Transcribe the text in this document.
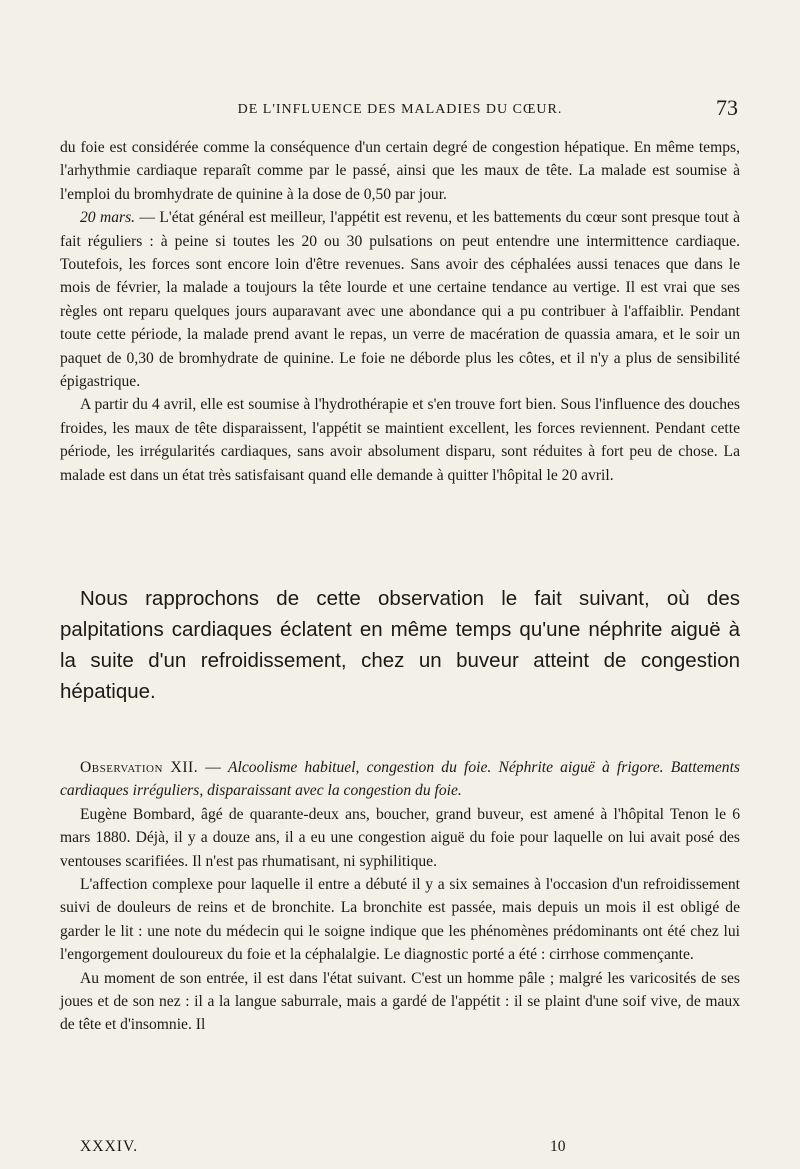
DE L'INFLUENCE DES MALADIES DU CŒUR.	73

du foie est considérée comme la conséquence d'un certain degré de congestion hépatique. En même temps, l'arhythmie cardiaque reparaît comme par le passé, ainsi que les maux de tête. La malade est soumise à l'emploi du bromhydrate de quinine à la dose de 0,50 par jour.

20 mars. — L'état général est meilleur, l'appétit est revenu, et les battements du cœur sont presque tout à fait réguliers : à peine si toutes les 20 ou 30 pulsations on peut entendre une intermittence cardiaque. Toutefois, les forces sont encore loin d'être revenues. Sans avoir des céphalées aussi tenaces que dans le mois de février, la malade a toujours la tête lourde et une certaine tendance au vertige. Il est vrai que ses règles ont reparu quelques jours auparavant avec une abondance qui a pu contribuer à l'affaiblir. Pendant toute cette période, la malade prend avant le repas, un verre de macération de quassia amara, et le soir un paquet de 0,30 de bromhydrate de quinine. Le foie ne déborde plus les côtes, et il n'y a plus de sensibilité épigastrique.

A partir du 4 avril, elle est soumise à l'hydrothérapie et s'en trouve fort bien. Sous l'influence des douches froides, les maux de tête disparaissent, l'appétit se maintient excellent, les forces reviennent. Pendant cette période, les irrégularités cardiaques, sans avoir absolument disparu, sont réduites à fort peu de chose. La malade est dans un état très satisfaisant quand elle demande à quitter l'hôpital le 20 avril.

Nous rapprochons de cette observation le fait suivant, où des palpitations cardiaques éclatent en même temps qu'une néphrite aiguë à la suite d'un refroidissement, chez un buveur atteint de congestion hépatique.

Observation XII. — Alcoolisme habituel, congestion du foie. Néphrite aiguë à frigore. Battements cardiaques irréguliers, disparaissant avec la congestion du foie.

Eugène Bombard, âgé de quarante-deux ans, boucher, grand buveur, est amené à l'hôpital Tenon le 6 mars 1880. Déjà, il y a douze ans, il a eu une congestion aiguë du foie pour laquelle on lui avait posé des ventouses scarifiées. Il n'est pas rhumatisant, ni syphilitique.

L'affection complexe pour laquelle il entre a débuté il y a six semaines à l'occasion d'un refroidissement suivi de douleurs de reins et de bronchite. La bronchite est passée, mais depuis un mois il est obligé de garder le lit : une note du médecin qui le soigne indique que les phénomènes prédominants ont été chez lui l'engorgement douloureux du foie et la céphalalgie. Le diagnostic porté a été : cirrhose commençante.

Au moment de son entrée, il est dans l'état suivant. C'est un homme pâle ; malgré les varicosités de ses joues et de son nez : il a la langue saburrale, mais a gardé de l'appétit : il se plaint d'une soif vive, de maux de tête et d'insomnie. Il

XXXIV.	10
